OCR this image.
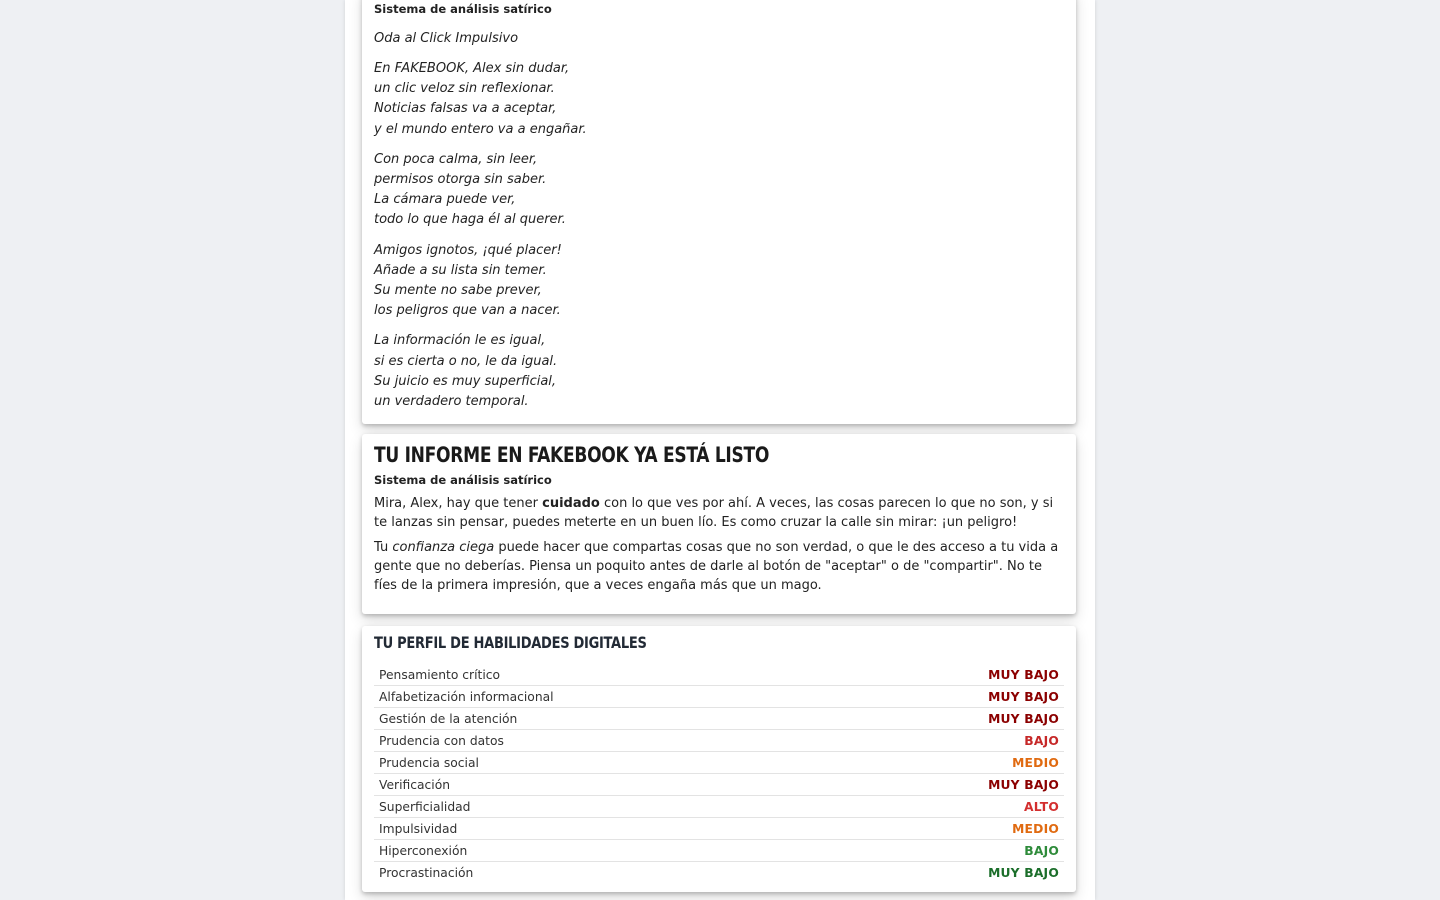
Sistema de análisis satírico

Oda al Click Impulsivo

En FAKEBOOK, Alex sin dudar,
un clic veloz sin reflexionar.
Noticias falsas va a aceptar,
y el mundo entero va a engañar.

Con poca calma, sin leer,
permisos otorga sin saber.
La cámara puede ver,
todo lo que haga él al querer.

Amigos ignotos, ¡qué placer!
Añade a su lista sin temer.
Su mente no sabe prever,
los peligros que van a nacer.

La información le es igual,
si es cierta o no, le da igual.
Su juicio es muy superficial,
un verdadero temporal.

TU INFORME EN FAKEBOOK YA ESTÁ LISTO

Sistema de análisis satírico

Mira, Alex, hay que tener cuidado con lo que ves por ahí. A veces, las cosas parecen lo que no son, y si te lanzas sin pensar, puedes meterte en un buen lío. Es como cruzar la calle sin mirar: ¡un peligro!

Tu confianza ciega puede hacer que compartas cosas que no son verdad, o que le des acceso a tu vida a gente que no deberías. Piensa un poquito antes de darle al botón de "aceptar" o de "compartir". No te fíes de la primera impresión, que a veces engaña más que un mago.

TU PERFIL DE HABILIDADES DIGITALES
Pensamiento crítico	MUY BAJO
Alfabetización informacional	MUY BAJO
Gestión de la atención	MUY BAJO
Prudencia con datos	BAJO
Prudencia social	MEDIO
Verificación	MUY BAJO
Superficialidad	ALTO
Impulsividad	MEDIO
Hiperconexión	BAJO
Procrastinación	MUY BAJO
